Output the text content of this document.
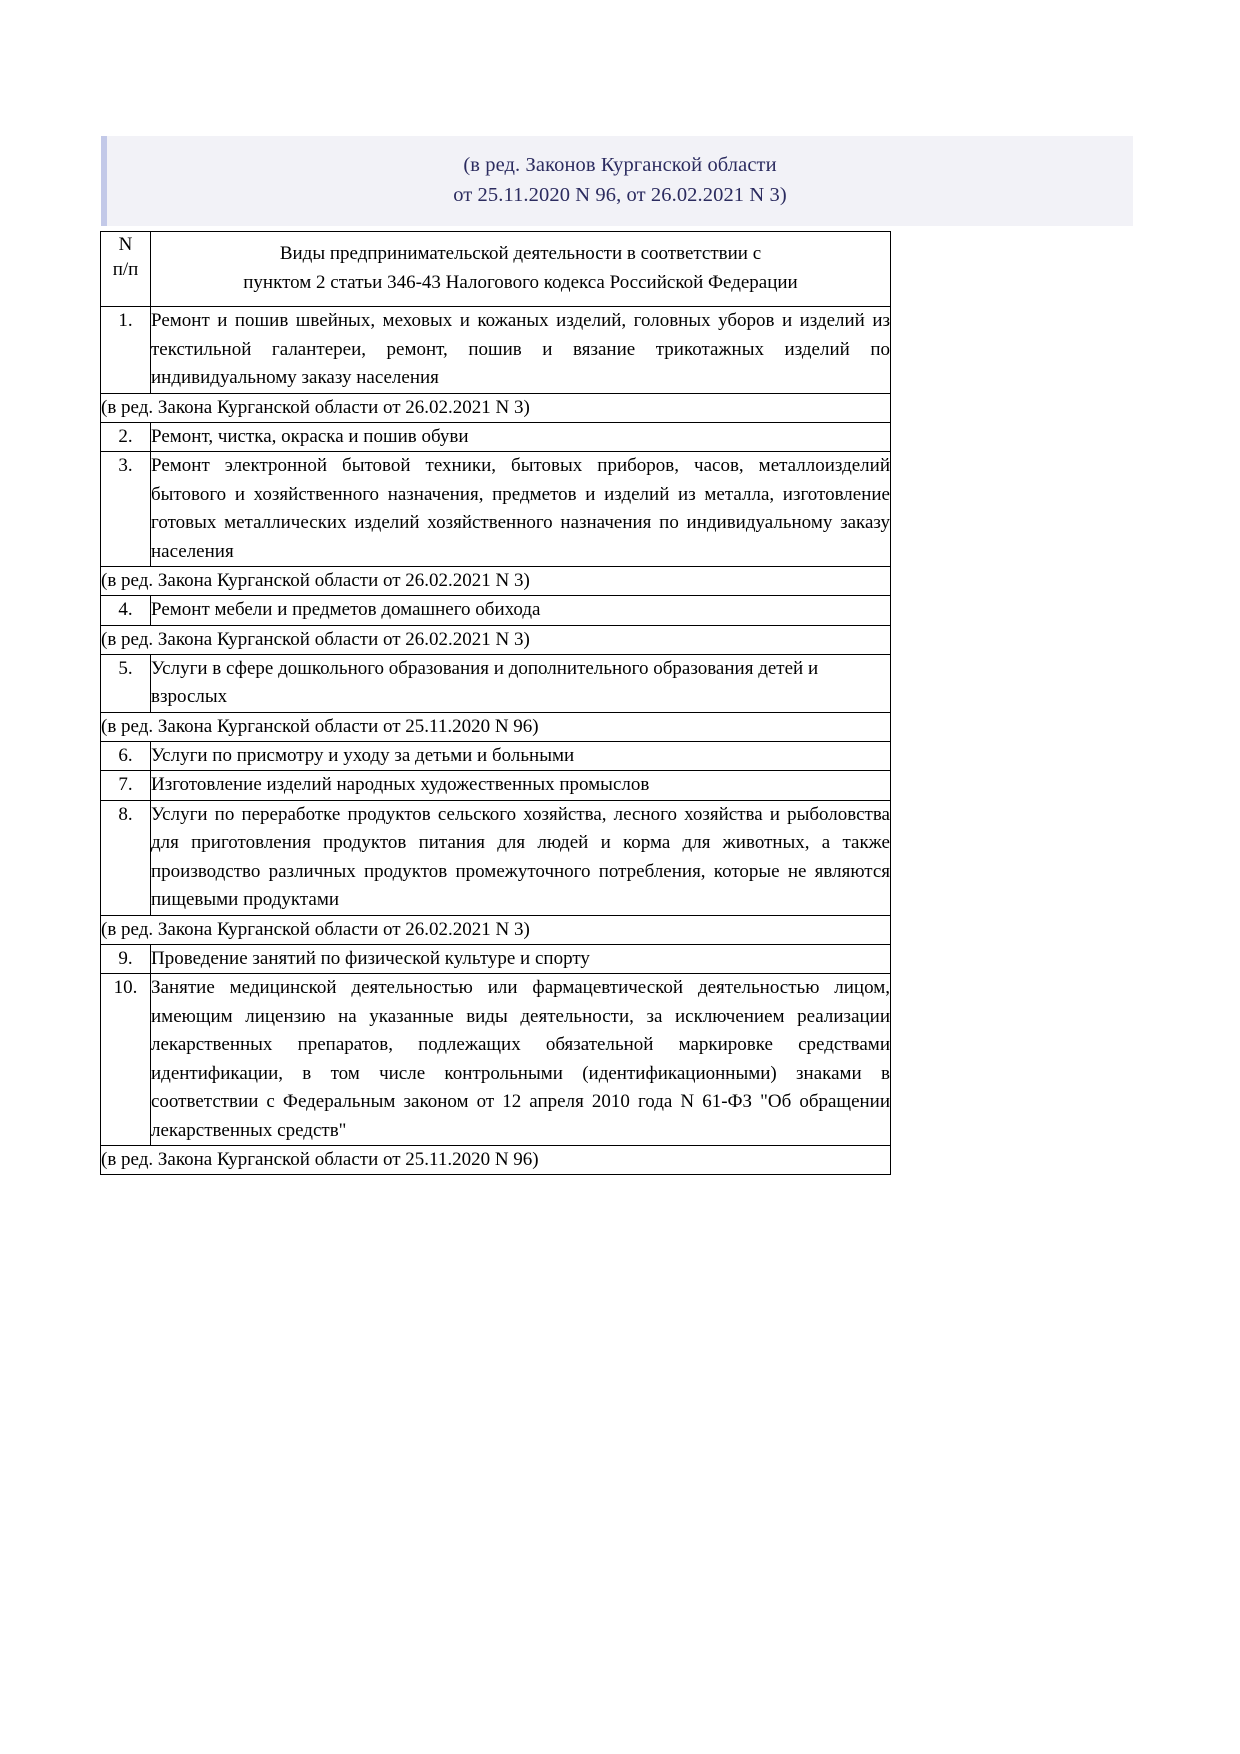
(в ред. Законов Курганской области
от 25.11.2020 N 96, от 26.02.2021 N 3)
N
п/п	Виды предпринимательской деятельности в соответствии с
пунктом 2 статьи 346-43 Налогового кодекса Российской Федерации

1.	Ремонт и пошив швейных, меховых и кожаных изделий, головных уборов и изделий из текстильной галантереи, ремонт, пошив и вязание трикотажных изделий по индивидуальному заказу населения
(в ред. Закона Курганской области от 26.02.2021 N 3)	
2.	Ремонт, чистка, окраска и пошив обуви
3.	Ремонт электронной бытовой техники, бытовых приборов, часов, металлоизделий бытового и хозяйственного назначения, предметов и изделий из металла, изготовление готовых металлических изделий хозяйственного назначения по индивидуальному заказу населения
(в ред. Закона Курганской области от 26.02.2021 N 3)	
4.	Ремонт мебели и предметов домашнего обихода
(в ред. Закона Курганской области от 26.02.2021 N 3)	
5.	Услуги в сфере дошкольного образования и дополнительного образования детей и взрослых
(в ред. Закона Курганской области от 25.11.2020 N 96)	
6.	Услуги по присмотру и уходу за детьми и больными
7.	Изготовление изделий народных художественных промыслов
8.	Услуги по переработке продуктов сельского хозяйства, лесного хозяйства и рыболовства для приготовления продуктов питания для людей и корма для животных, а также производство различных продуктов промежуточного потребления, которые не являются пищевыми продуктами
(в ред. Закона Курганской области от 26.02.2021 N 3)	
9.	Проведение занятий по физической культуре и спорту
10.	Занятие медицинской деятельностью или фармацевтической деятельностью лицом, имеющим лицензию на указанные виды деятельности, за исключением реализации лекарственных препаратов, подлежащих обязательной маркировке средствами идентификации, в том числе контрольными (идентификационными) знаками в соответствии с Федеральным законом от 12 апреля 2010 года N 61-ФЗ "Об обращении лекарственных средств"
(в ред. Закона Курганской области от 25.11.2020 N 96)	
